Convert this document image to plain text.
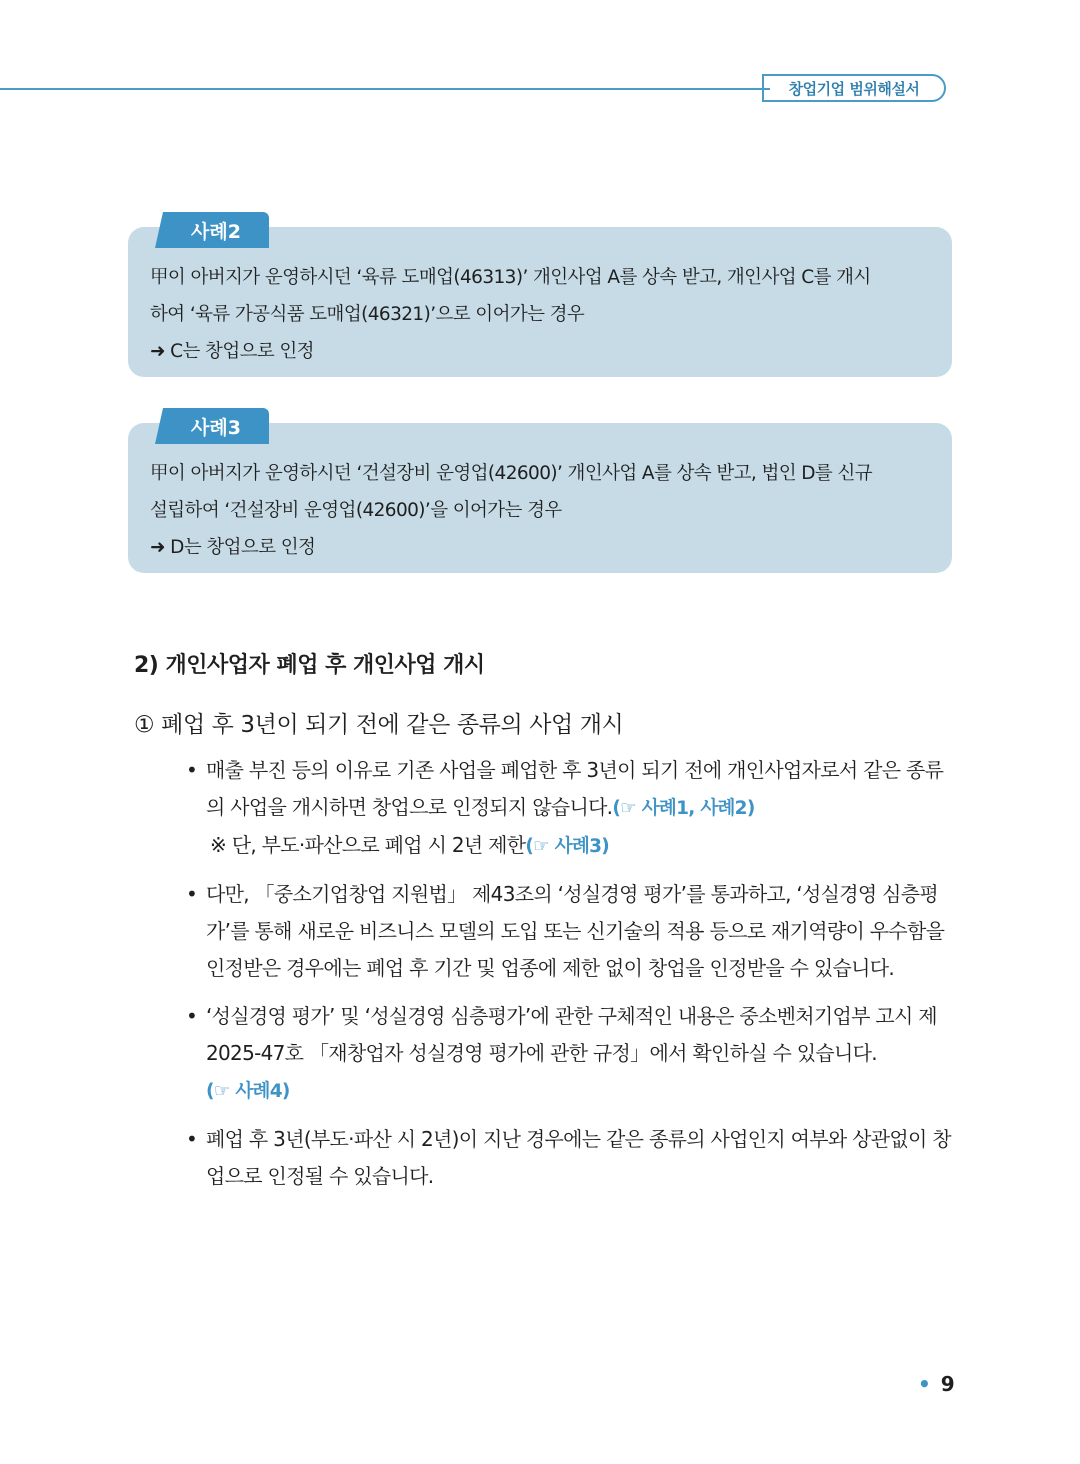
창업기업 범위해설서

甲이 아버지가 운영하시던 ‘육류 도매업(46313)’ 개인사업 A를 상속 받고, 개인사업 C를 개시

하여 ‘육류 가공식품 도매업(46321)’으로 이어가는 경우

➜ C는 창업으로 인정

사례2

甲이 아버지가 운영하시던 ‘건설장비 운영업(42600)’ 개인사업 A를 상속 받고, 법인 D를 신규

설립하여 ‘건설장비 운영업(42600)’을 이어가는 경우

➜ D는 창업으로 인정

사례3
2) 개인사업자 폐업 후 개인사업 개시

① 폐업 후 3년이 되기 전에 같은 종류의 사업 개시

• 매출 부진 등의 이유로 기존 사업을 폐업한 후 3년이 되기 전에 개인사업자로서 같은 종류의 사업을 개시하면 창업으로 인정되지 않습니다.(☞ 사례1, 사례2)
※ 단, 부도·파산으로 폐업 시 2년 제한(☞ 사례3)
• 다만, 「중소기업창업 지원법」 제43조의 ‘성실경영 평가’를 통과하고, ‘성실경영 심층평가’를 통해 새로운 비즈니스 모델의 도입 또는 신기술의 적용 등으로 재기역량이 우수함을 인정받은 경우에는 폐업 후 기간 및 업종에 제한 없이 창업을 인정받을 수 있습니다.
• ‘성실경영 평가’ 및 ‘성실경영 심층평가’에 관한 구체적인 내용은 중소벤처기업부 고시 제2025-47호 「재창업자 성실경영 평가에 관한 규정」에서 확인하실 수 있습니다.
(☞ 사례4)
• 폐업 후 3년(부도·파산 시 2년)이 지난 경우에는 같은 종류의 사업인지 여부와 상관없이 창업으로 인정될 수 있습니다.
• 9
